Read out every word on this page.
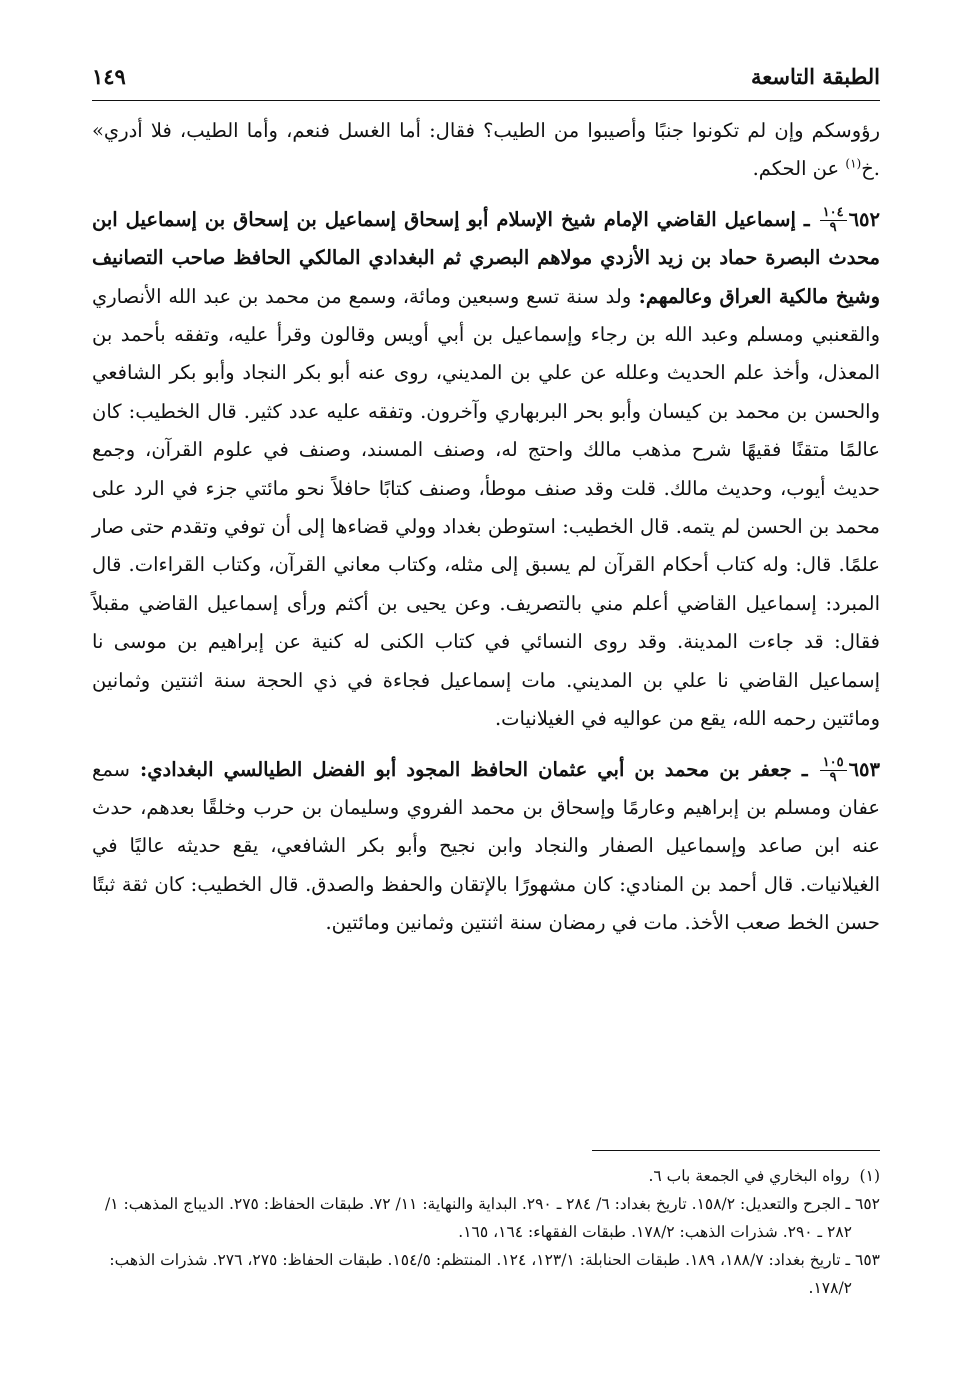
الطبقة التاسعة
١٤٩

رؤوسكم وإن لم تكونوا جنبًا وأصيبوا من الطيب؟ فقال: أما الغسل فنعم، وأما الطيب، فلا أدري» .خ$^{(١)}$ عن الحكم.

٦٥٢
$\frac{١٠٤}{٩}$
ـ إسماعيل القاضي الإمام شيخ الإسلام أبو إسحاق إسماعيل بن إسحاق بن إسماعيل ابن محدث البصرة حماد بن زيد الأزدي مولاهم البصري ثم البغدادي المالكي الحافظ صاحب التصانيف وشيخ مالكية العراق وعالمهم: ولد سنة تسع وسبعين ومائة، وسمع من محمد بن عبد الله الأنصاري والقعنبي ومسلم وعبد الله بن رجاء وإسماعيل بن أبي أويس وقالون وقرأ عليه، وتفقه بأحمد بن المعذل، وأخذ علم الحديث وعلله عن علي بن المديني، روى عنه أبو بكر النجاد وأبو بكر الشافعي والحسن بن محمد بن كيسان وأبو بحر البربهاري وآخرون. وتفقه عليه عدد كثير. قال الخطيب: كان عالمًا متقنًا فقيهًا شرح مذهب مالك واحتج له، وصنف المسند، وصنف في علوم القرآن، وجمع حديث أيوب، وحديث مالك. قلت وقد صنف موطأ، وصنف كتابًا حافلاً نحو مائتي جزء في الرد على محمد بن الحسن لم يتمه. قال الخطيب: استوطن بغداد وولي قضاءها إلى أن توفي وتقدم حتى صار علمًا. قال: وله كتاب أحكام القرآن لم يسبق إلى مثله، وكتاب معاني القرآن، وكتاب القراءات. قال المبرد: إسماعيل القاضي أعلم مني بالتصريف. وعن يحيى بن أكثم ورأى إسماعيل القاضي مقبلاً فقال: قد جاءت المدينة. وقد روى النسائي في كتاب الكنى له كنية عن إبراهيم بن موسى نا إسماعيل القاضي نا علي بن المديني. مات إسماعيل فجاءة في ذي الحجة سنة اثنتين وثمانين ومائتين رحمه الله، يقع من عواليه في الغيلانيات.

٦٥٣
$\frac{١٠٥}{٩}$
ـ جعفر بن محمد بن أبي عثمان الحافظ المجود أبو الفضل الطيالسي البغدادي: سمع عفان ومسلم بن إبراهيم وعارمًا وإسحاق بن محمد الفروي وسليمان بن حرب وخلقًا بعدهم، حدث عنه ابن صاعد وإسماعيل الصفار والنجاد وابن نجيح وأبو بكر الشافعي، يقع حديثه عاليًا في الغيلانيات. قال أحمد بن المنادي: كان مشهورًا بالإتقان والحفظ والصدق. قال الخطيب: كان ثقة ثبتًا حسن الخط صعب الأخذ. مات في رمضان سنة اثنتين وثمانين ومائتين.

(١)رواه البخاري في الجمعة باب ٦.

٦٥٢ ـ الجرح والتعديل: ١٥٨/٢. تاريخ بغداد: ٦/ ٢٨٤ ـ ٢٩٠. البداية والنهاية: ١١/ ٧٢. طبقات الحفاظ: ٢٧٥. الديباج المذهب: ١/ ٢٨٢ ـ ٢٩٠. شذرات الذهب: ١٧٨/٢. طبقات الفقهاء: ١٦٤، ١٦٥.

٦٥٣ ـ تاريخ بغداد: ١٨٨/٧، ١٨٩. طبقات الحنابلة: ١٢٣/١، ١٢٤. المنتظم: ١٥٤/٥. طبقات الحفاظ: ٢٧٥، ٢٧٦. شذرات الذهب: ١٧٨/٢.
